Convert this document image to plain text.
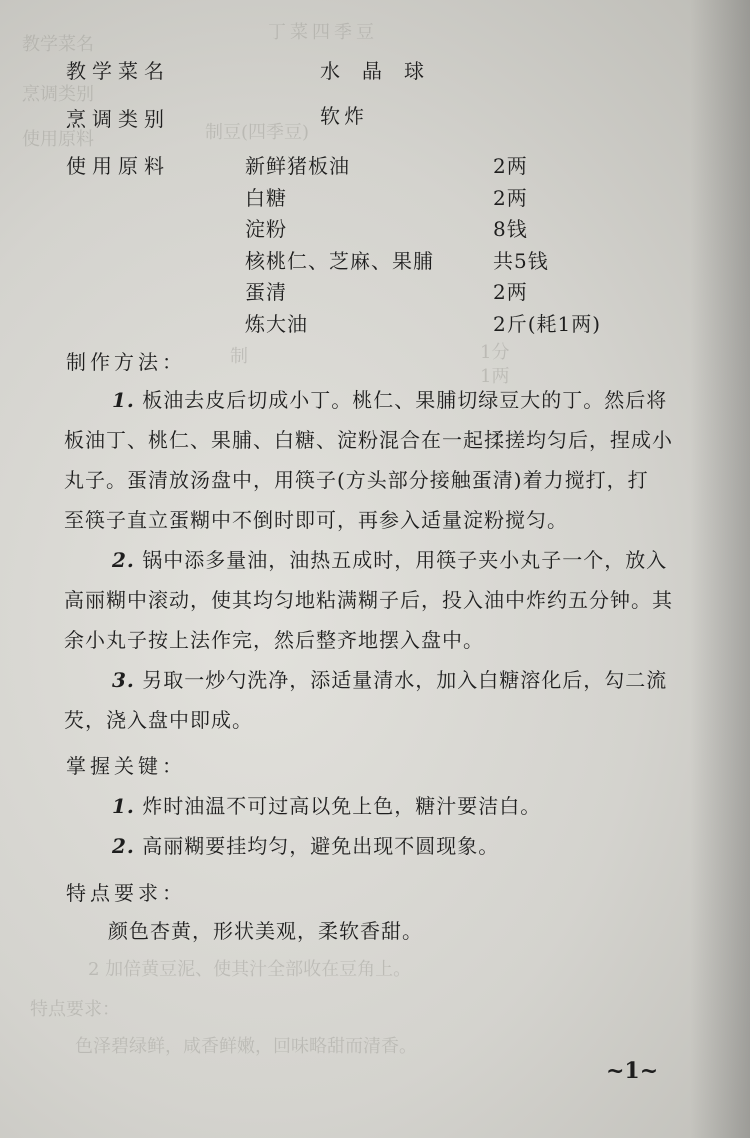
丁菜四季豆
教学菜名
烹调类别
使用原料	制豆(四季豆)
1分
1两
制
2 加倍黄豆泥、使其汁全部收在豆角上。
特点要求：
色泽碧绿鲜，咸香鲜嫩，回味略甜而清香。
教学菜名	水晶球
烹调类别	软炸
使用原料	新鲜猪板油	2两
白糖	2两
淀粉	8钱
核桃仁、芝麻、果脯	共5钱
蛋清	2两
炼大油	2斤(耗1两)
制作方法：
1. 板油去皮后切成小丁。桃仁、果脯切绿豆大的丁。然后将
板油丁、桃仁、果脯、白糖、淀粉混合在一起揉搓均匀后，捏成小
丸子。蛋清放汤盘中，用筷子(方头部分接触蛋清)着力搅打，打
至筷子直立蛋糊中不倒时即可，再参入适量淀粉搅匀。
2. 锅中添多量油，油热五成时，用筷子夹小丸子一个，放入
高丽糊中滚动，使其均匀地粘满糊子后，投入油中炸约五分钟。其
余小丸子按上法作完，然后整齐地摆入盘中。
3. 另取一炒勺洗净，添适量清水，加入白糖溶化后，勾二流
芡，浇入盘中即成。
掌握关键：
1. 炸时油温不可过高以免上色，糖汁要洁白。
2. 高丽糊要挂均匀，避免出现不圆现象。
特点要求：
颜色杏黄，形状美观，柔软香甜。
~1~
